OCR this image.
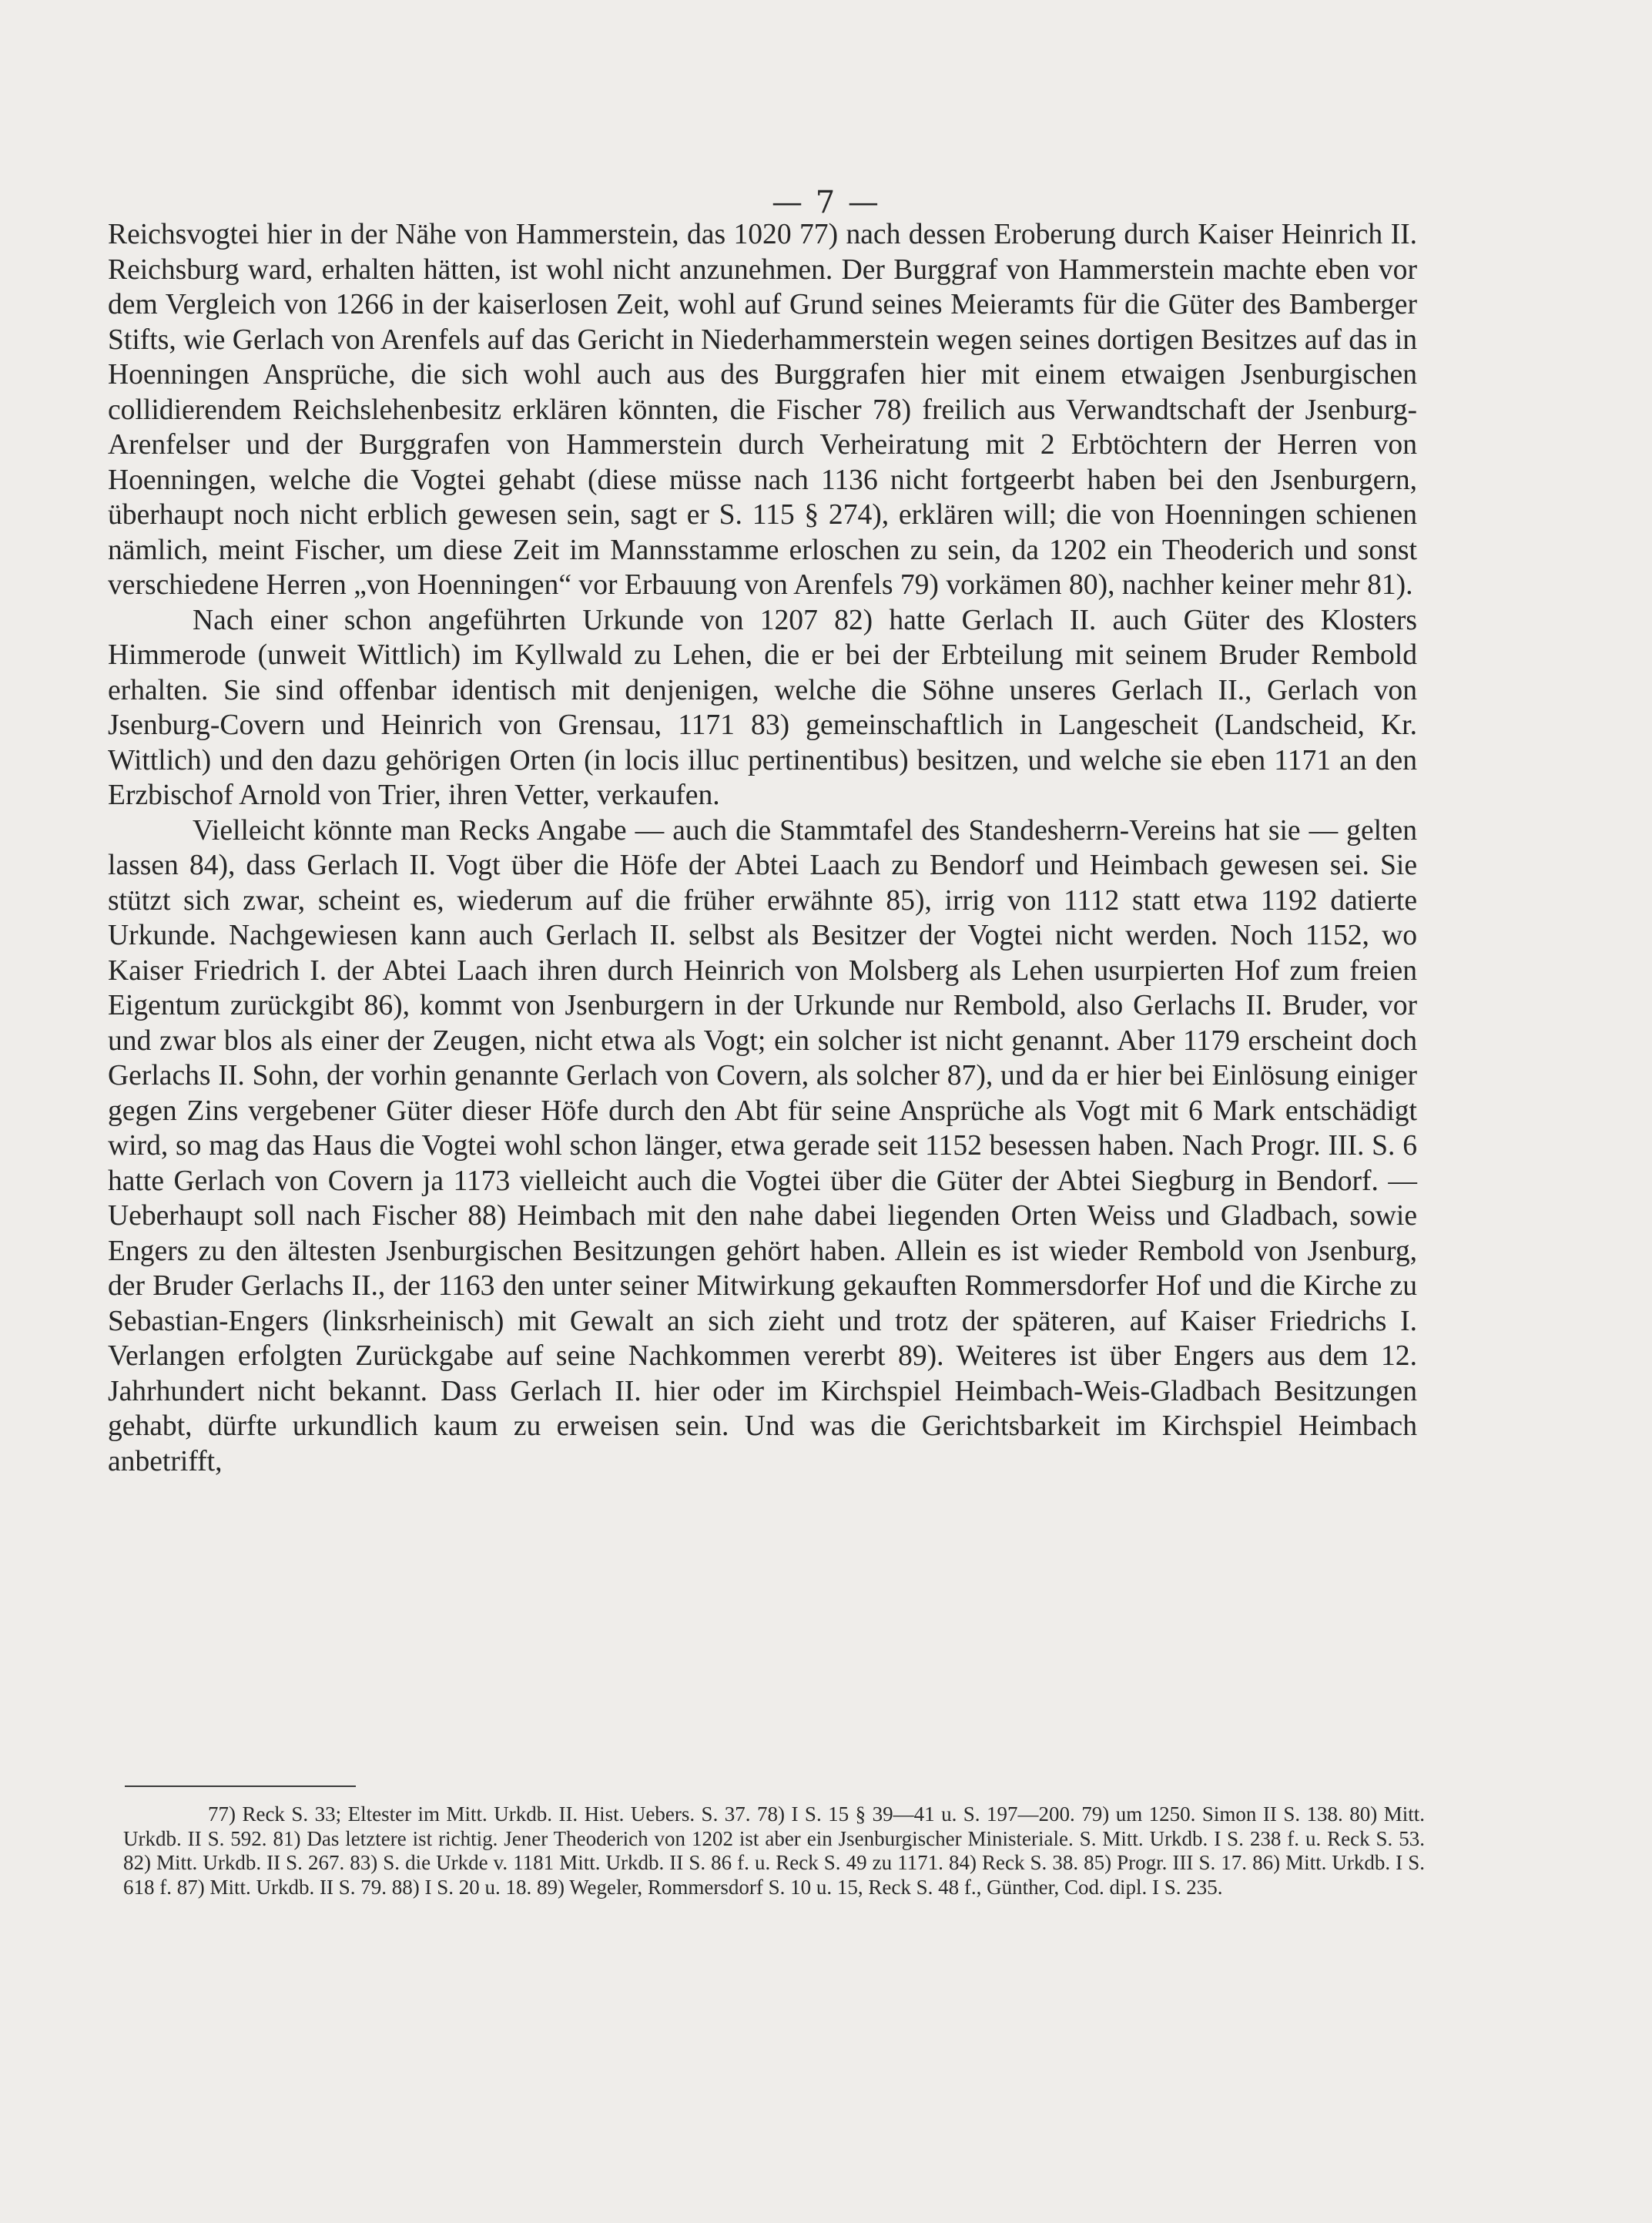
— 7 —

Reichsvogtei hier in der Nähe von Hammerstein, das 1020 77) nach dessen Eroberung durch Kaiser Heinrich II. Reichsburg ward, erhalten hätten, ist wohl nicht anzunehmen. Der Burggraf von Hammerstein machte eben vor dem Vergleich von 1266 in der kaiserlosen Zeit, wohl auf Grund seines Meieramts für die Güter des Bamberger Stifts, wie Gerlach von Arenfels auf das Gericht in Niederhammerstein wegen seines dortigen Besitzes auf das in Hoenningen Ansprüche, die sich wohl auch aus des Burggrafen hier mit einem etwaigen Jsenburgischen collidierendem Reichslehenbesitz erklären könnten, die Fischer 78) freilich aus Verwandtschaft der Jsenburg- Arenfelser und der Burggrafen von Hammerstein durch Verheiratung mit 2 Erbtöchtern der Herren von Hoenningen, welche die Vogtei gehabt (diese müsse nach 1136 nicht fortgeerbt haben bei den Jsenburgern, überhaupt noch nicht erblich gewesen sein, sagt er S. 115 § 274), erklären will; die von Hoenningen schienen nämlich, meint Fischer, um diese Zeit im Mannsstamme erloschen zu sein, da 1202 ein Theoderich und sonst verschiedene Herren „von Hoenningen“ vor Erbauung von Arenfels 79) vorkämen 80), nachher keiner mehr 81).

Nach einer schon angeführten Urkunde von 1207 82) hatte Gerlach II. auch Güter des Klosters Himmerode (unweit Wittlich) im Kyllwald zu Lehen, die er bei der Erbteilung mit seinem Bruder Rembold erhalten. Sie sind offenbar identisch mit denjenigen, welche die Söhne unseres Gerlach II., Gerlach von Jsenburg-Covern und Heinrich von Grensau, 1171 83) gemeinschaftlich in Langescheit (Landscheid, Kr. Wittlich) und den dazu gehörigen Orten (in locis illuc pertinentibus) besitzen, und welche sie eben 1171 an den Erzbischof Arnold von Trier, ihren Vetter, verkaufen.

Vielleicht könnte man Recks Angabe — auch die Stammtafel des Standesherrn-Vereins hat sie — gelten lassen 84), dass Gerlach II. Vogt über die Höfe der Abtei Laach zu Bendorf und Heimbach gewesen sei. Sie stützt sich zwar, scheint es, wiederum auf die früher erwähnte 85), irrig von 1112 statt etwa 1192 datierte Urkunde. Nachgewiesen kann auch Gerlach II. selbst als Besitzer der Vogtei nicht werden. Noch 1152, wo Kaiser Friedrich I. der Abtei Laach ihren durch Heinrich von Molsberg als Lehen usurpierten Hof zum freien Eigentum zurückgibt 86), kommt von Jsenburgern in der Urkunde nur Rembold, also Gerlachs II. Bruder, vor und zwar blos als einer der Zeugen, nicht etwa als Vogt; ein solcher ist nicht genannt. Aber 1179 erscheint doch Gerlachs II. Sohn, der vorhin genannte Gerlach von Covern, als solcher 87), und da er hier bei Einlösung einiger gegen Zins vergebener Güter dieser Höfe durch den Abt für seine Ansprüche als Vogt mit 6 Mark entschädigt wird, so mag das Haus die Vogtei wohl schon länger, etwa gerade seit 1152 besessen haben. Nach Progr. III. S. 6 hatte Gerlach von Covern ja 1173 vielleicht auch die Vogtei über die Güter der Abtei Siegburg in Bendorf. — Ueberhaupt soll nach Fischer 88) Heimbach mit den nahe dabei liegenden Orten Weiss und Gladbach, sowie Engers zu den ältesten Jsenburgischen Besitzungen gehört haben. Allein es ist wieder Rembold von Jsenburg, der Bruder Gerlachs II., der 1163 den unter seiner Mitwirkung gekauften Rommersdorfer Hof und die Kirche zu Sebastian-Engers (linksrheinisch) mit Gewalt an sich zieht und trotz der späteren, auf Kaiser Friedrichs I. Verlangen erfolgten Zurückgabe auf seine Nachkommen vererbt 89). Weiteres ist über Engers aus dem 12. Jahrhundert nicht bekannt. Dass Gerlach II. hier oder im Kirchspiel Heimbach-Weis-Gladbach Besitzungen gehabt, dürfte urkundlich kaum zu erweisen sein. Und was die Gerichtsbarkeit im Kirchspiel Heimbach anbetrifft,

77) Reck S. 33; Eltester im Mitt. Urkdb. II. Hist. Uebers. S. 37. 78) I S. 15 § 39—41 u. S. 197—200. 79) um 1250. Simon II S. 138. 80) Mitt. Urkdb. II S. 592. 81) Das letztere ist richtig. Jener Theoderich von 1202 ist aber ein Jsenburgischer Ministeriale. S. Mitt. Urkdb. I S. 238 f. u. Reck S. 53. 82) Mitt. Urkdb. II S. 267. 83) S. die Urkde v. 1181 Mitt. Urkdb. II S. 86 f. u. Reck S. 49 zu 1171. 84) Reck S. 38. 85) Progr. III S. 17. 86) Mitt. Urkdb. I S. 618 f. 87) Mitt. Urkdb. II S. 79. 88) I S. 20 u. 18. 89) Wegeler, Rommersdorf S. 10 u. 15, Reck S. 48 f., Günther, Cod. dipl. I S. 235.
